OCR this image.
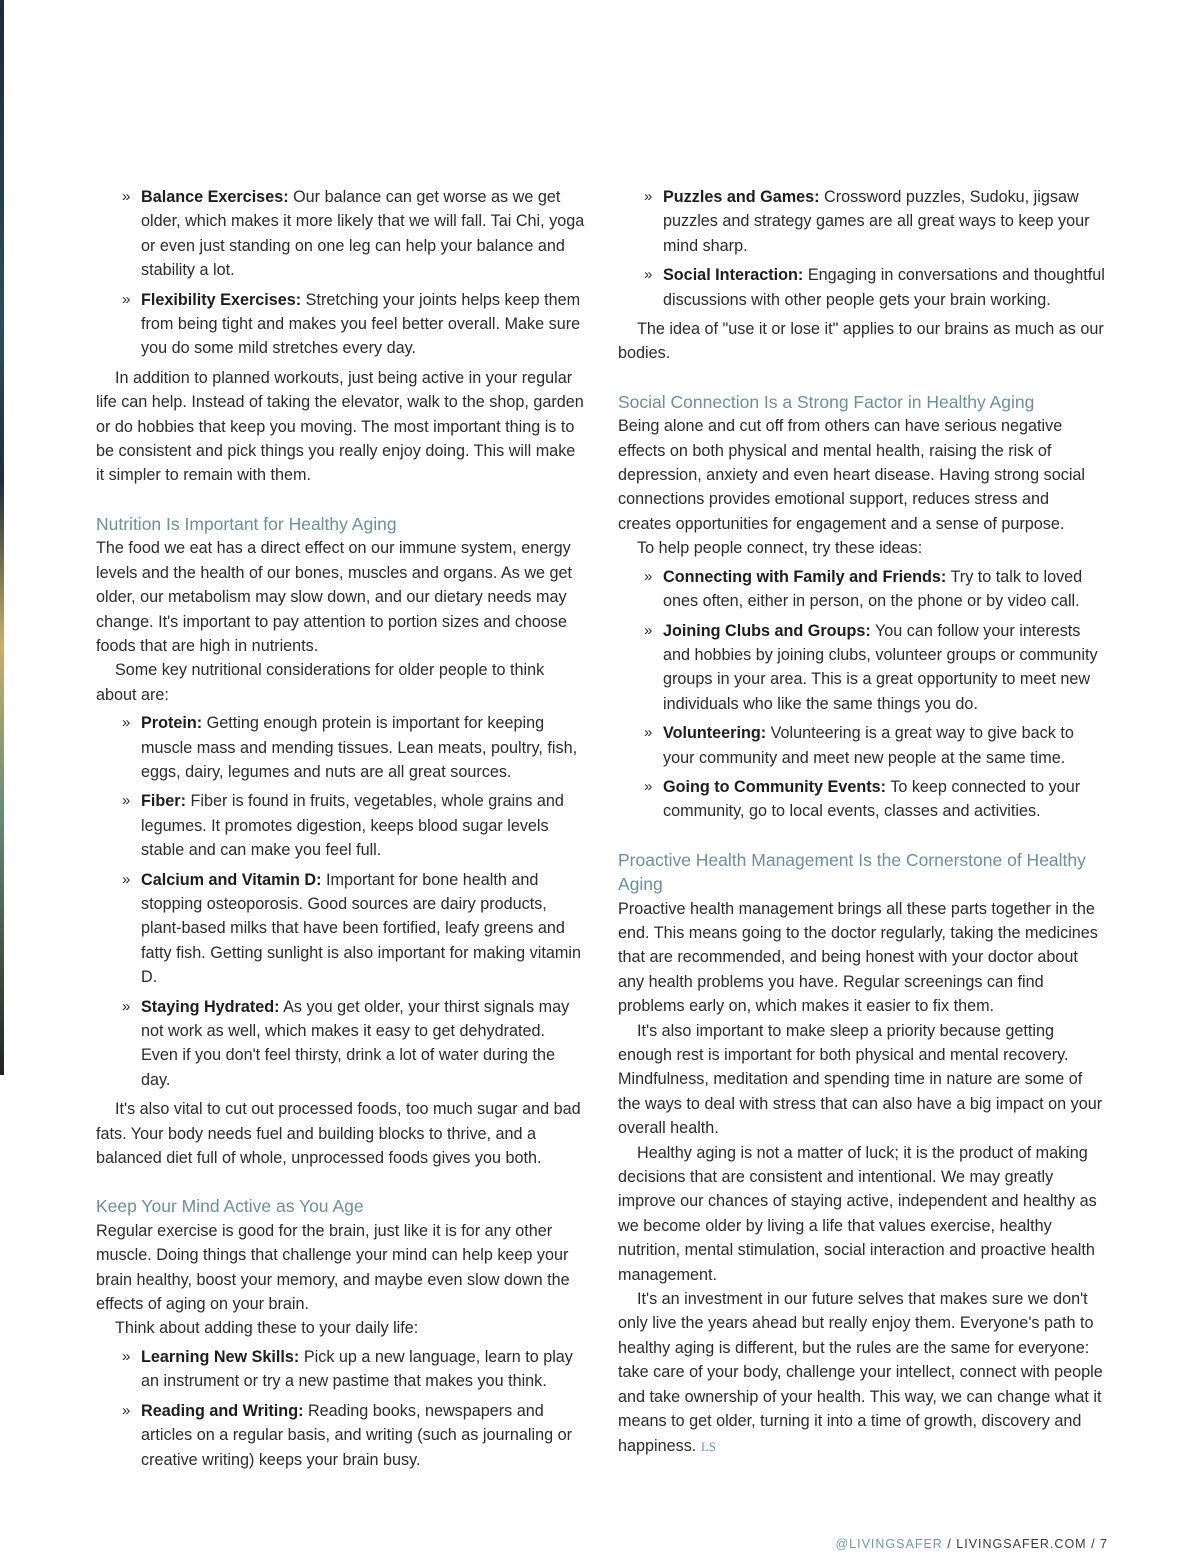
» Balance Exercises: Our balance can get worse as we get older, which makes it more likely that we will fall. Tai Chi, yoga or even just standing on one leg can help your balance and stability a lot.
» Flexibility Exercises: Stretching your joints helps keep them from being tight and makes you feel better overall. Make sure you do some mild stretches every day.

In addition to planned workouts, just being active in your regular life can help. Instead of taking the elevator, walk to the shop, garden or do hobbies that keep you moving. The most important thing is to be consistent and pick things you really enjoy doing. This will make it simpler to remain with them.

Nutrition Is Important for Healthy Aging

The food we eat has a direct effect on our immune system, energy levels and the health of our bones, muscles and organs. As we get older, our metabolism may slow down, and our dietary needs may change. It's important to pay attention to portion sizes and choose foods that are high in nutrients.

Some key nutritional considerations for older people to think about are:

» Protein: Getting enough protein is important for keeping muscle mass and mending tissues. Lean meats, poultry, fish, eggs, dairy, legumes and nuts are all great sources.
» Fiber: Fiber is found in fruits, vegetables, whole grains and legumes. It promotes digestion, keeps blood sugar levels stable and can make you feel full.
» Calcium and Vitamin D: Important for bone health and stopping osteoporosis. Good sources are dairy products, plant-based milks that have been fortified, leafy greens and fatty fish. Getting sunlight is also important for making vitamin D.
» Staying Hydrated: As you get older, your thirst signals may not work as well, which makes it easy to get dehydrated. Even if you don't feel thirsty, drink a lot of water during the day.

It's also vital to cut out processed foods, too much sugar and bad fats. Your body needs fuel and building blocks to thrive, and a balanced diet full of whole, unprocessed foods gives you both.

Keep Your Mind Active as You Age

Regular exercise is good for the brain, just like it is for any other muscle. Doing things that challenge your mind can help keep your brain healthy, boost your memory, and maybe even slow down the effects of aging on your brain.

Think about adding these to your daily life:

» Learning New Skills: Pick up a new language, learn to play an instrument or try a new pastime that makes you think.
» Reading and Writing: Reading books, newspapers and articles on a regular basis, and writing (such as journaling or creative writing) keeps your brain busy.
» Puzzles and Games: Crossword puzzles, Sudoku, jigsaw puzzles and strategy games are all great ways to keep your mind sharp.
» Social Interaction: Engaging in conversations and thoughtful discussions with other people gets your brain working.

The idea of "use it or lose it" applies to our brains as much as our bodies.

Social Connection Is a Strong Factor in Healthy Aging

Being alone and cut off from others can have serious negative effects on both physical and mental health, raising the risk of depression, anxiety and even heart disease. Having strong social connections provides emotional support, reduces stress and creates opportunities for engagement and a sense of purpose.

To help people connect, try these ideas:

» Connecting with Family and Friends: Try to talk to loved ones often, either in person, on the phone or by video call.
» Joining Clubs and Groups: You can follow your interests and hobbies by joining clubs, volunteer groups or community groups in your area. This is a great opportunity to meet new individuals who like the same things you do.
» Volunteering: Volunteering is a great way to give back to your community and meet new people at the same time.
» Going to Community Events: To keep connected to your community, go to local events, classes and activities.
Proactive Health Management Is the Cornerstone of Healthy Aging

Proactive health management brings all these parts together in the end. This means going to the doctor regularly, taking the medicines that are recommended, and being honest with your doctor about any health problems you have. Regular screenings can find problems early on, which makes it easier to fix them.

It's also important to make sleep a priority because getting enough rest is important for both physical and mental recovery. Mindfulness, meditation and spending time in nature are some of the ways to deal with stress that can also have a big impact on your overall health.

Healthy aging is not a matter of luck; it is the product of making decisions that are consistent and intentional. We may greatly improve our chances of staying active, independent and healthy as we become older by living a life that values exercise, healthy nutrition, mental stimulation, social interaction and proactive health management.

It's an investment in our future selves that makes sure we don't only live the years ahead but really enjoy them. Everyone's path to healthy aging is different, but the rules are the same for everyone: take care of your body, challenge your intellect, connect with people and take ownership of your health. This way, we can change what it means to get older, turning it into a time of growth, discovery and happiness. LS

@LIVINGSAFER / LIVINGSAFER.COM / 7
